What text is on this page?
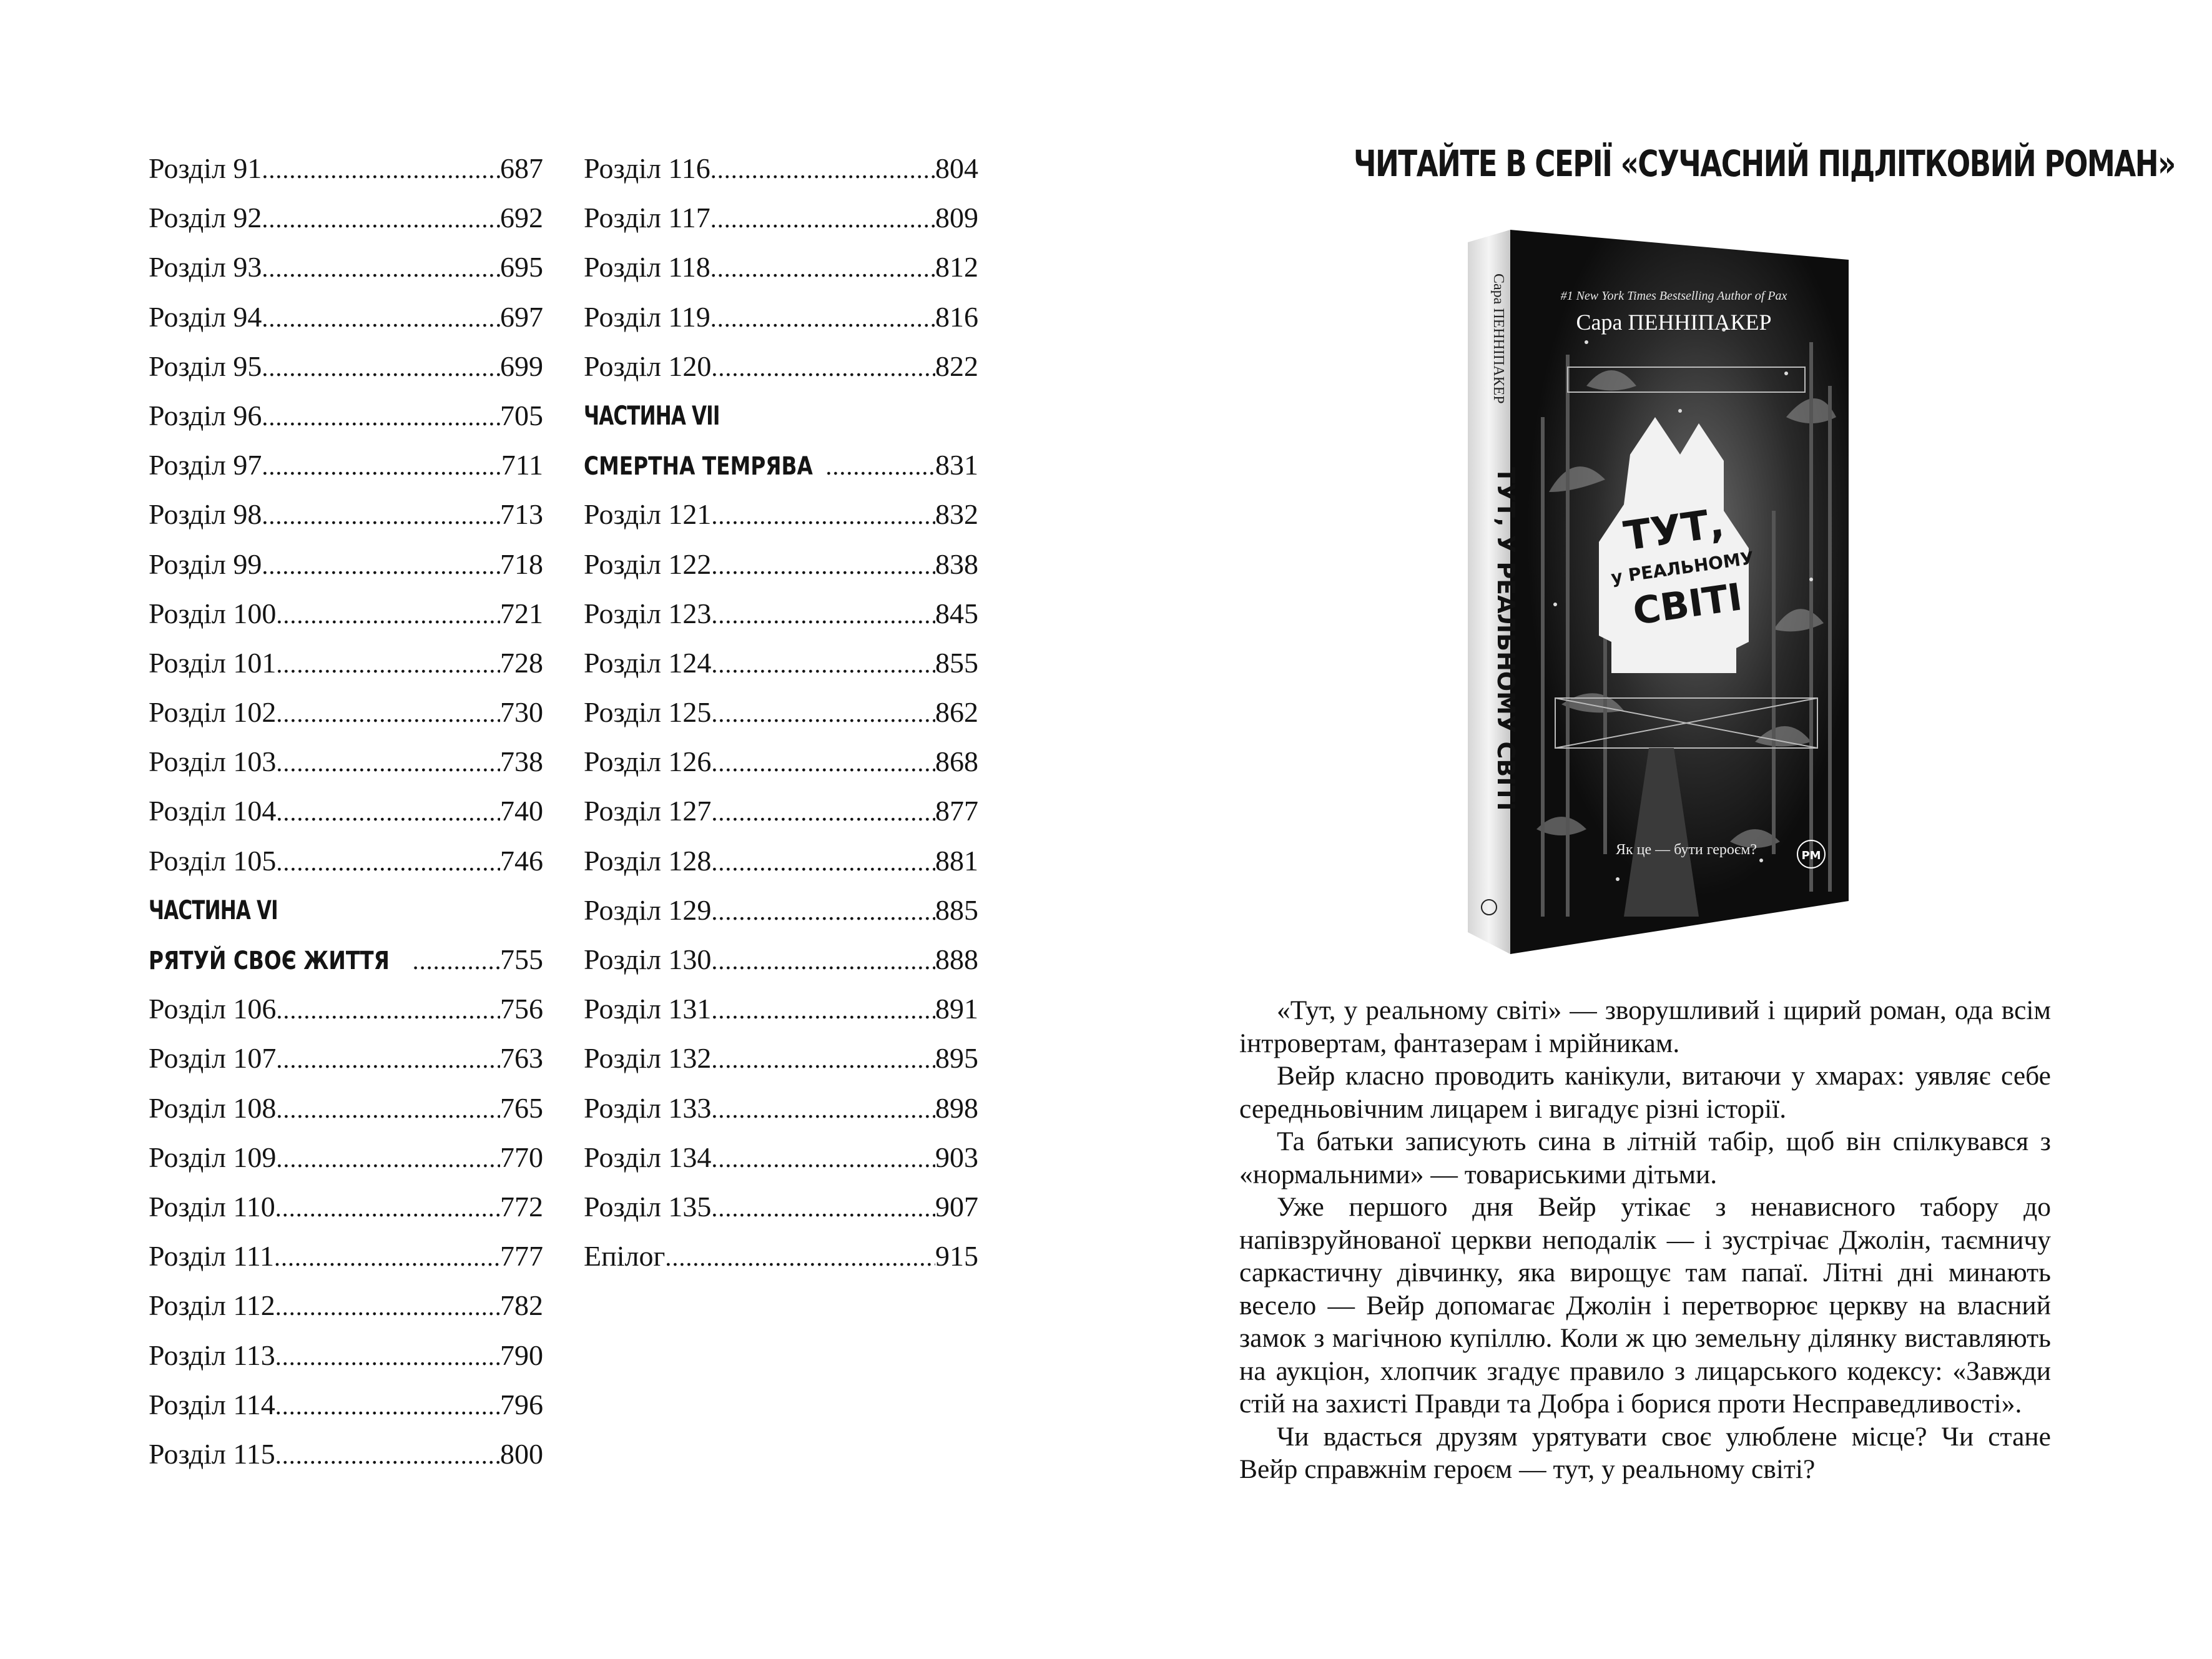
Розділ 91 .....	687
Розділ 92 .....	692
Розділ 93 .....	695
Розділ 94 .....	697
Розділ 95 .....	699
Розділ 96 .....	705
Розділ 97 .....	711
Розділ 98 .....	713
Розділ 99 .....	718
Розділ 100 .....	721
Розділ 101 .....	728
Розділ 102 .....	730
Розділ 103 .....	738
Розділ 104 .....	740
Розділ 105 .....	746
ЧАСТИНА VI
РЯТУЙ СВОЄ ЖИТТЯ .....	755
Розділ 106 .....	756
Розділ 107 .....	763
Розділ 108 .....	765
Розділ 109 .....	770
Розділ 110 .....	772
Розділ 111 .....	777
Розділ 112 .....	782
Розділ 113 .....	790
Розділ 114 .....	796
Розділ 115 .....	800
Розділ 116 .....	804
Розділ 117 .....	809
Розділ 118 .....	812
Розділ 119 .....	816
Розділ 120 .....	822
ЧАСТИНА VII
СМЕРТНА ТЕМРЯВА .....	831
Розділ 121 .....	832
Розділ 122 .....	838
Розділ 123 .....	845
Розділ 124 .....	855
Розділ 125 .....	862
Розділ 126 .....	868
Розділ 127 .....	877
Розділ 128 .....	881
Розділ 129 .....	885
Розділ 130 .....	888
Розділ 131 .....	891
Розділ 132 .....	895
Розділ 133 .....	898
Розділ 134 .....	903
Розділ 135 .....	907
Епілог .....	915
ЧИТАЙТЕ В СЕРІЇ «СУЧАСНИЙ ПІДЛІТКОВИЙ РОМАН»
#1 New York Times Bestselling Author of Pax
Сара ПЕННІПАКЕР
ТУТ,
у РЕАЛЬНОМУ
СВІТІ
Як це — бути героєм?	РМ
Сара ПЕННІПАКЕР
ТУТ, У РЕАЛЬНОМУ СВІТІ

«Тут, у реальному світі» — зворушливий і щирий роман, ода всім інтровертам, фантазерам і мрійникам.

Вейр класно проводить канікули, витаючи у хмарах: уявляє себе середньовічним лицарем і вигадує різні історії.

Та батьки записують сина в літній табір, щоб він спілкувався з «нормальними» — товариськими дітьми.

Уже першого дня Вейр утікає з ненависного табору до напівзруйнованої церкви неподалік — і зустрічає Джолін, таємничу саркастичну дівчинку, яка вирощує там папаї. Літні дні минають весело — Вейр допомагає Джолін і перетворює церкву на власний замок з магічною купіллю. Коли ж цю земельну ділянку виставляють на аукціон, хлопчик згадує правило з лицарського кодексу: «Завжди стій на захисті Правди та Добра і борися проти Несправедливості».

Чи вдасться друзям урятувати своє улюблене місце? Чи стане Вейр справжнім героєм — тут, у реальному світі?
